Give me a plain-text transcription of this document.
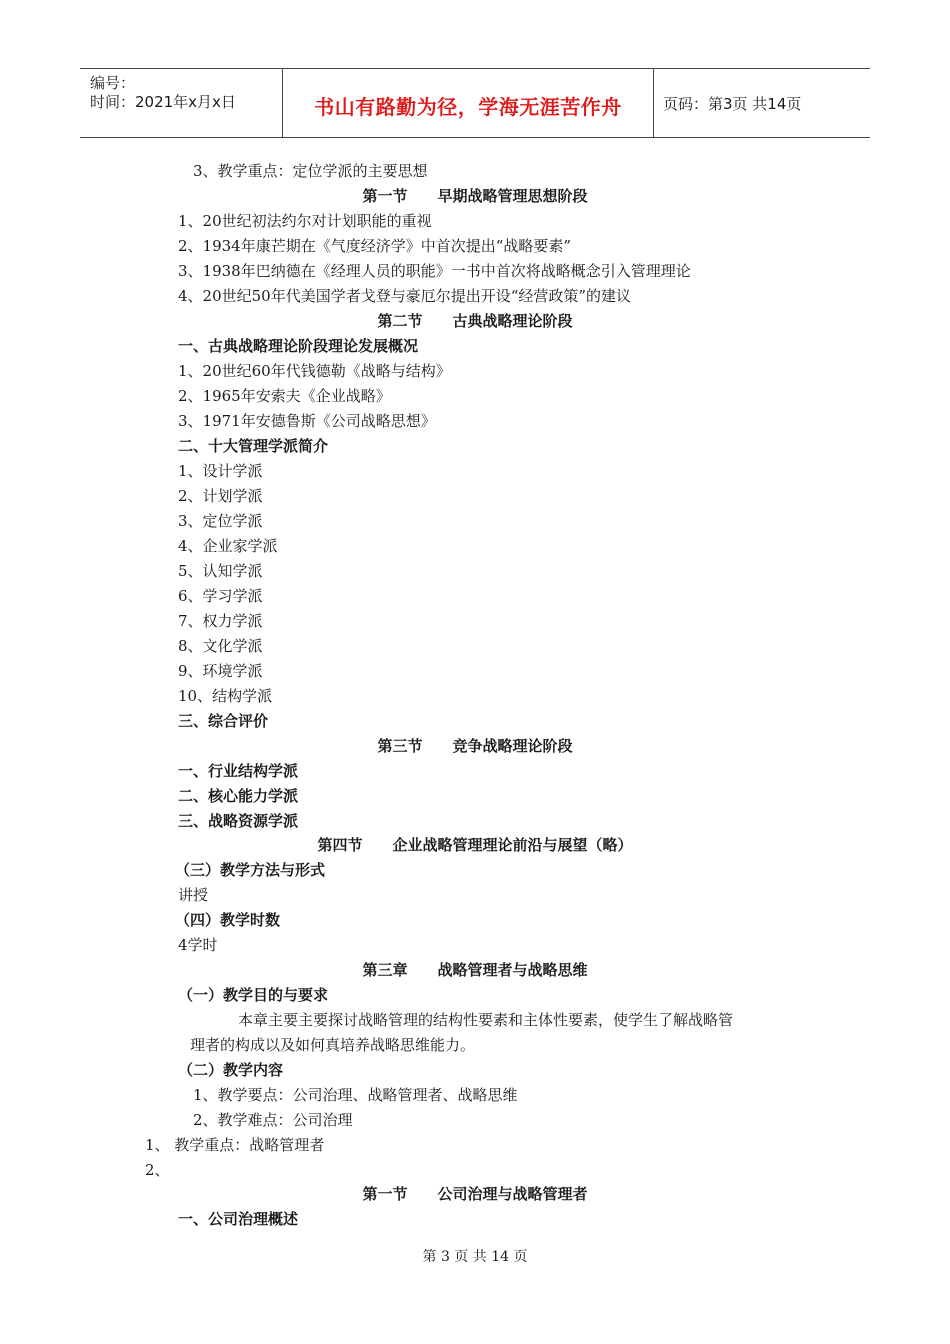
编号：
时间：2021年x月x日	书山有路勤为径，学海无涯苦作舟	页码：第3页 共14页
3、教学重点：定位学派的主要思想
第一节 早期战略管理思想阶段
1、20世纪初法约尔对计划职能的重视
2、1934年康芒期在《气度经济学》中首次提出“战略要素”
3、1938年巴纳德在《经理人员的职能》一书中首次将战略概念引入管理理论
4、20世纪50年代美国学者戈登与豪厄尔提出开设“经营政策”的建议
第二节 古典战略理论阶段
一、古典战略理论阶段理论发展概况
1、20世纪60年代钱德勒《战略与结构》
2、1965年安索夫《企业战略》
3、1971年安德鲁斯《公司战略思想》
二、十大管理学派简介
1、设计学派
2、计划学派
3、定位学派
4、企业家学派
5、认知学派
6、学习学派
7、权力学派
8、文化学派
9、环境学派
10、结构学派
三、综合评价
第三节 竞争战略理论阶段
一、行业结构学派
二、核心能力学派
三、战略资源学派
第四节 企业战略管理理论前沿与展望（略）
（三）教学方法与形式
讲授
（四）教学时数
4学时
第三章 战略管理者与战略思维
（一）教学目的与要求
本章主要主要探讨战略管理的结构性要素和主体性要素，使学生了解战略管
理者的构成以及如何真培养战略思维能力。
（二）教学内容
1、教学要点：公司治理、战略管理者、战略思维
2、教学难点：公司治理
1、 教学重点：战略管理者
2、
第一节 公司治理与战略管理者
一、公司治理概述
第 3 页 共 14 页
